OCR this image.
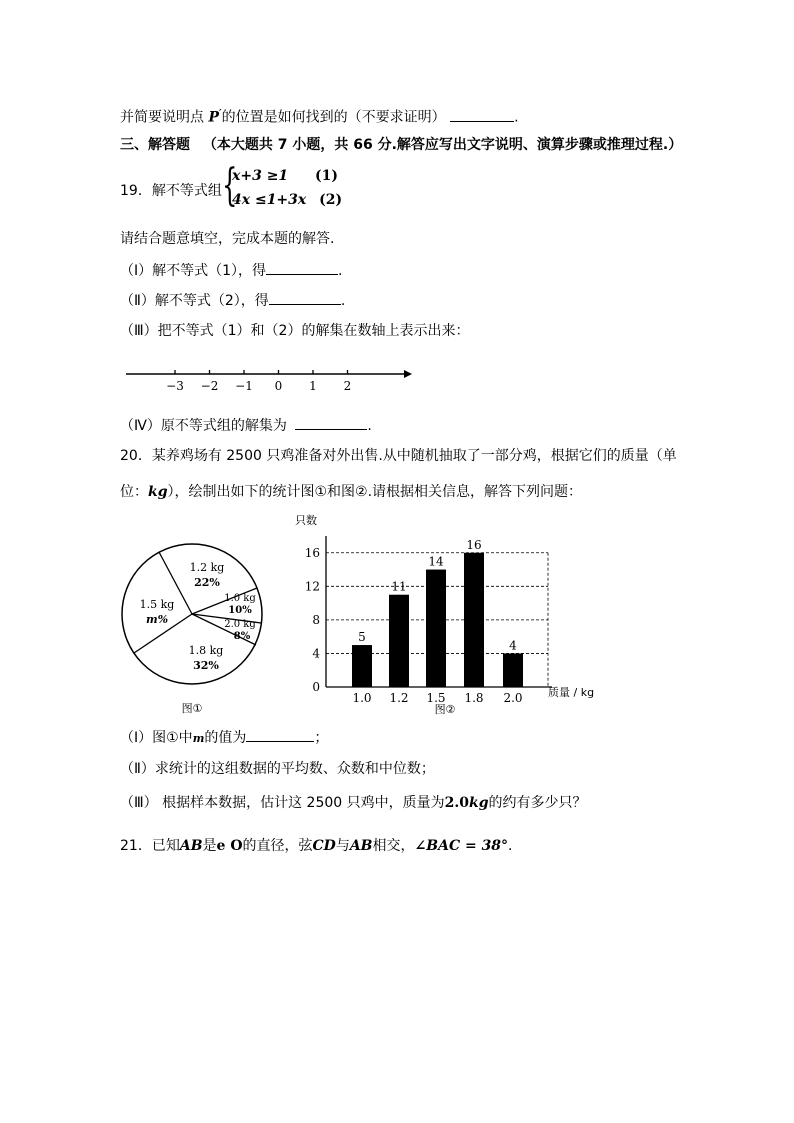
并简要说明点 P′的位置是如何找到的（不要求证明）	.
三、解答题 （本大题共 7 小题，共 66 分.解答应写出文字说明、演算步骤或推理过程.）
19．解不等式组 {
x+3 ≥1 (1)
4x ≤1+3x (2)
请结合题意填空，完成本题的解答.
（Ⅰ）解不等式（1），得	.
（Ⅱ）解不等式（2），得	.
（Ⅲ）把不等式（1）和（2）的解集在数轴上表示出来：
−3 −2 −1 0 1 2
（Ⅳ）原不等式组的解集为	.
20．某养鸡场有 2500 只鸡准备对外出售.从中随机抽取了一部分鸡，根据它们的质量（单
位：kg），绘制出如下的统计图①和图②.请根据相关信息，解答下列问题：
1.2 kg
22%
1.0 kg
10%
2.0 kg
8%
1.8 kg
32%
1.5 kg
m%
图①
只数
0
4
8
12
16
5
11
14
16
4
1.0 1.2 1.5 1.8 2.0 质量 / kg
图②
（Ⅰ）图①中m的值为	；
（Ⅱ）求统计的这组数据的平均数、众数和中位数；
（Ⅲ） 根据样本数据，估计这 2500 只鸡中，质量为2.0kg的约有多少只？
21．已知AB是e O的直径，弦CD与AB相交，∠BAC = 38°.
